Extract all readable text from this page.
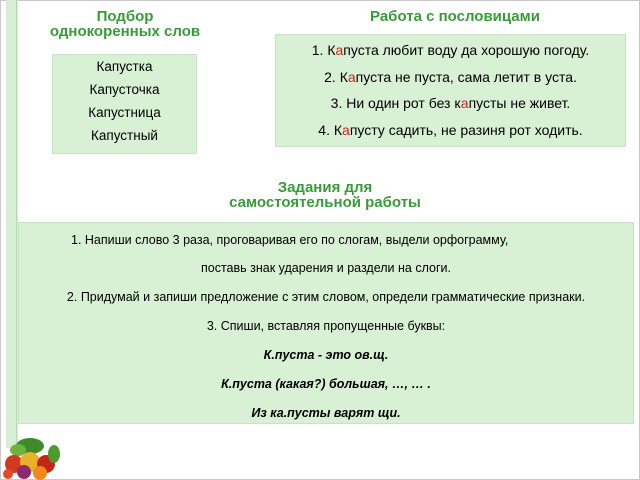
Подбор
однокоренных слов
Работа с пословицами
Капустка
Капусточка
Капустница
Капустный
1. Капуста любит воду да хорошую погоду.
2. Капуста не пуста, сама летит в уста.
3. Ни один рот без капусты не живет.
4. Капусту садить, не разиня рот ходить.
Задания для
самостоятельной работы
1. Напиши слово 3 раза, проговаривая его по слогам, выдели орфограмму,
поставь знак ударения и раздели на слоги.
2. Придумай и запиши предложение с этим словом, определи грамматические признаки.
3. Спиши, вставляя пропущенные буквы:
К.пуста - это ов.щ.
К.пуста (какая?) большая, …, … .
Из ка.пусты варят щи.
